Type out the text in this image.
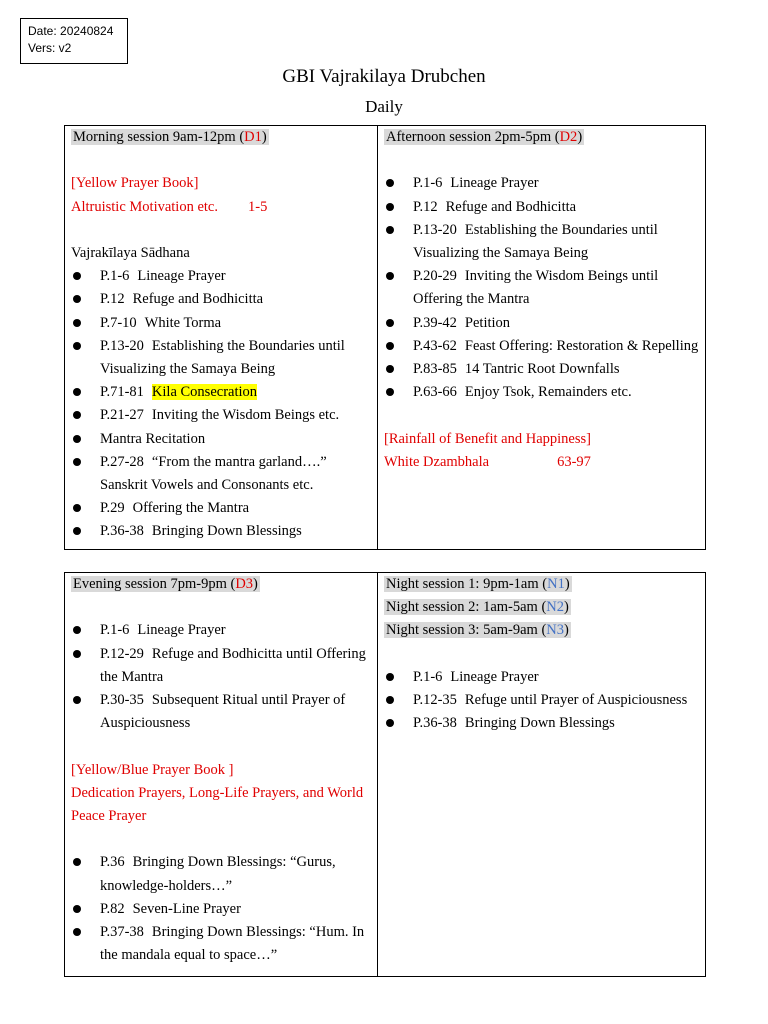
Date: 20240824
Vers: v2
GBI Vajrakilaya Drubchen
Daily
Morning session 9am-12pm (D1)
[Yellow Prayer Book]
Altruistic Motivation etc. 1-5
Vajrakīlaya Sādhana
P.1-6 Lineage Prayer
P.12 Refuge and Bodhicitta
P.7-10 White Torma
P.13-20 Establishing the Boundaries until Visualizing the Samaya Being
P.71-81 Kila Consecration
P.21-27 Inviting the Wisdom Beings etc.
Mantra Recitation
P.27-28 “From the mantra garland….” Sanskrit Vowels and Consonants etc.
P.29 Offering the Mantra
P.36-38 Bringing Down Blessings

Afternoon session 2pm-5pm (D2)
P.1-6 Lineage Prayer
P.12 Refuge and Bodhicitta
P.13-20 Establishing the Boundaries until Visualizing the Samaya Being
P.20-29 Inviting the Wisdom Beings until Offering the Mantra
P.39-42 Petition
P.43-62 Feast Offering: Restoration & Repelling
P.83-85 14 Tantric Root Downfalls
P.63-66 Enjoy Tsok, Remainders etc.
[Rainfall of Benefit and Happiness]
White Dzambhala	63-97
Evening session 7pm-9pm (D3)
P.1-6 Lineage Prayer
P.12-29 Refuge and Bodhicitta until Offering the Mantra
P.30-35 Subsequent Ritual until Prayer of Auspiciousness
[Yellow/Blue Prayer Book ]
Dedication Prayers, Long-Life Prayers, and World Peace Prayer
P.36 Bringing Down Blessings: “Gurus, knowledge-holders…”
P.82 Seven-Line Prayer
P.37-38 Bringing Down Blessings: “Hum. In the mandala equal to space…”

Night session 1: 9pm-1am (N1)
Night session 2: 1am-5am (N2)
Night session 3: 5am-9am (N3)
P.1-6 Lineage Prayer
P.12-35 Refuge until Prayer of Auspiciousness
P.36-38 Bringing Down Blessings
